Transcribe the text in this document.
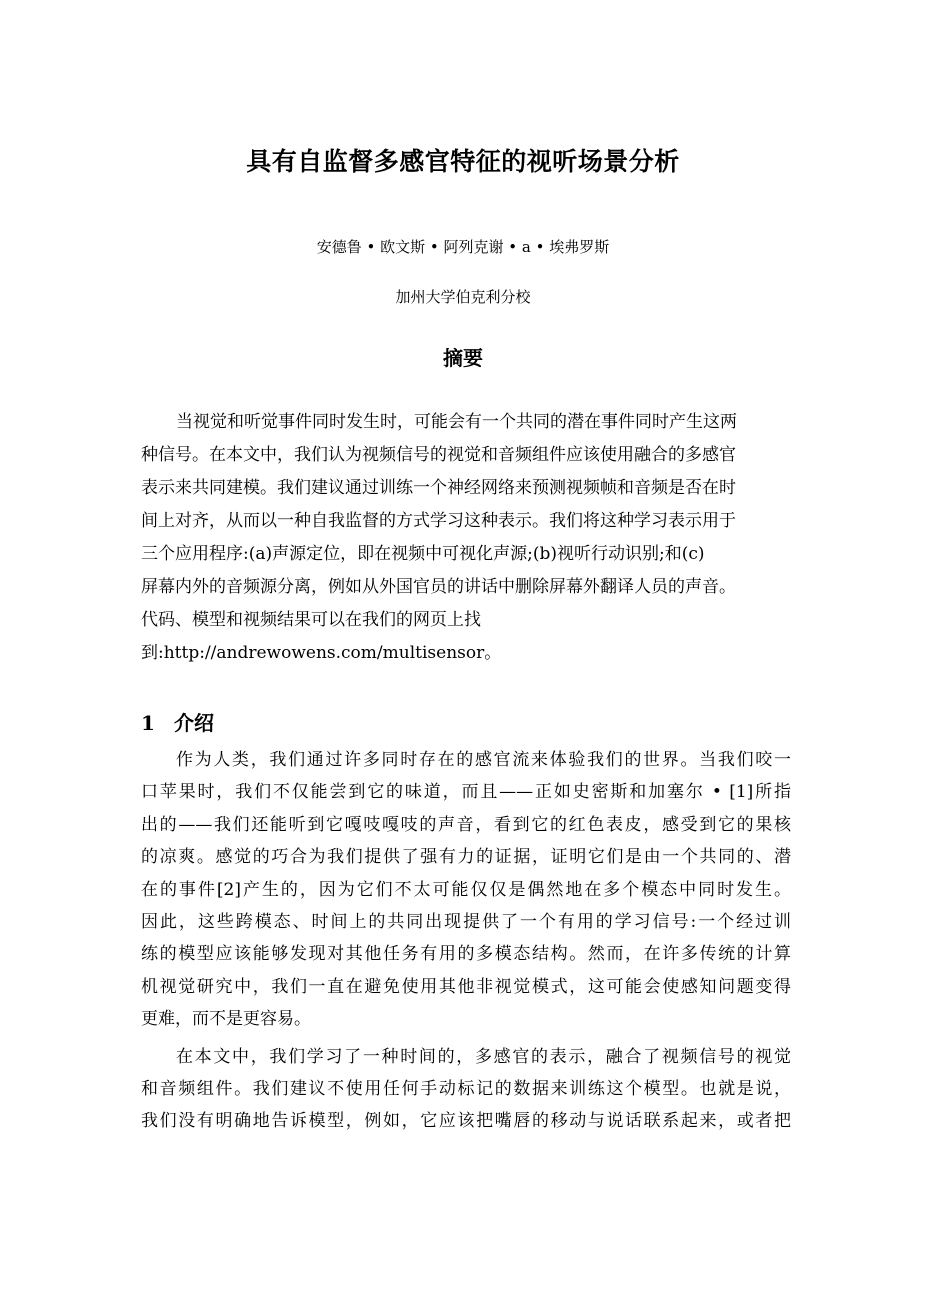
具有自监督多感官特征的视听场景分析
安德鲁 • 欧文斯 • 阿列克谢 • a • 埃弗罗斯
加州大学伯克利分校
摘要
当视觉和听觉事件同时发生时，可能会有一个共同的潜在事件同时产生这两
种信号。在本文中，我们认为视频信号的视觉和音频组件应该使用融合的多感官
表示来共同建模。我们建议通过训练一个神经网络来预测视频帧和音频是否在时
间上对齐，从而以一种自我监督的方式学习这种表示。我们将这种学习表示用于
三个应用程序:(a)声源定位，即在视频中可视化声源;(b)视听行动识别;和(c)
屏幕内外的音频源分离，例如从外国官员的讲话中删除屏幕外翻译人员的声音。
代码、模型和视频结果可以在我们的网页上找
到:http://andrewowens.com/multisensor。
1 介绍
作为人类，我们通过许多同时存在的感官流来体验我们的世界。当我们咬一
口苹果时，我们不仅能尝到它的味道，而且——正如史密斯和加塞尔 • [1]所指
出的——我们还能听到它嘎吱嘎吱的声音，看到它的红色表皮，感受到它的果核
的凉爽。感觉的巧合为我们提供了强有力的证据，证明它们是由一个共同的、潜
在的事件[2]产生的，因为它们不太可能仅仅是偶然地在多个模态中同时发生。
因此，这些跨模态、时间上的共同出现提供了一个有用的学习信号:一个经过训
练的模型应该能够发现对其他任务有用的多模态结构。然而，在许多传统的计算
机视觉研究中，我们一直在避免使用其他非视觉模式，这可能会使感知问题变得
更难，而不是更容易。
在本文中，我们学习了一种时间的，多感官的表示，融合了视频信号的视觉
和音频组件。我们建议不使用任何手动标记的数据来训练这个模型。也就是说，
我们没有明确地告诉模型，例如，它应该把嘴唇的移动与说话联系起来，或者把
